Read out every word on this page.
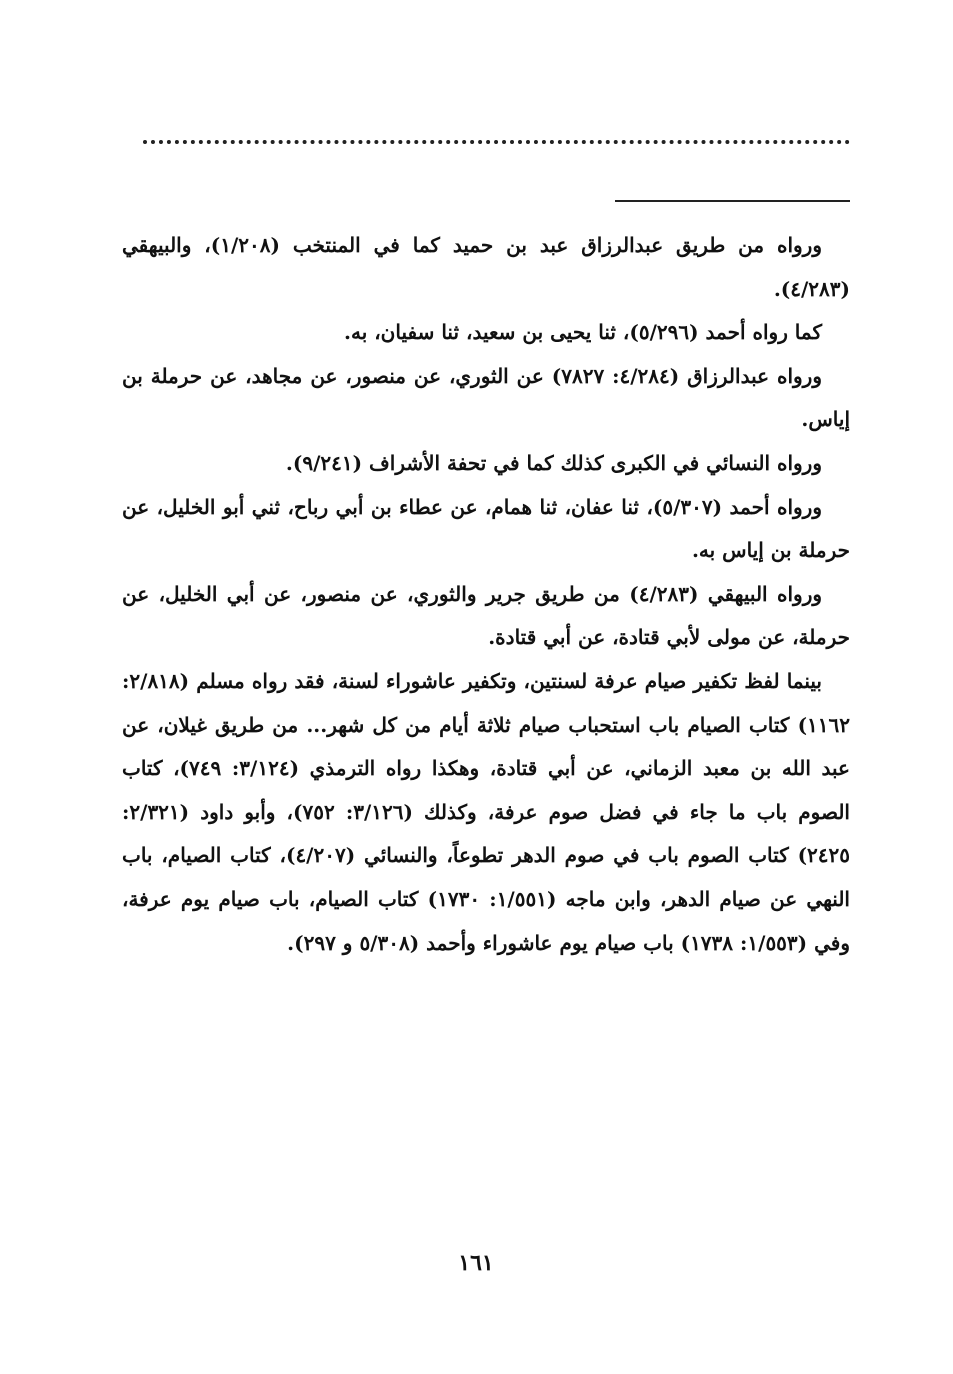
ورواه من طريق عبدالرزاق عبد بن حميد كما في المنتخب (١/٢٠٨)، والبيهقي (٤/٢٨٣).

كما رواه أحمد (٥/٢٩٦)، ثنا يحيى بن سعيد، ثنا سفيان، به.

ورواه عبدالرزاق (٤/٢٨٤: ٧٨٢٧) عن الثوري، عن منصور، عن مجاهد، عن حرملة بن إياس.

ورواه النسائي في الكبرى كذلك كما في تحفة الأشراف (٩/٢٤١).

ورواه أحمد (٥/٣٠٧)، ثنا عفان، ثنا همام، عن عطاء بن أبي رباح، ثني أبو الخليل، عن حرملة بن إياس به.

ورواه البيهقي (٤/٢٨٣) من طريق جرير والثوري، عن منصور، عن أبي الخليل، عن حرملة، عن مولى لأبي قتادة، عن أبي قتادة.

بينما لفظ تكفير صيام عرفة لسنتين، وتكفير عاشوراء لسنة، فقد رواه مسلم (٢/٨١٨: ١١٦٢) كتاب الصيام باب استحباب صيام ثلاثة أيام من كل شهر... من طريق غيلان، عن عبد الله بن معبد الزماني، عن أبي قتادة، وهكذا رواه الترمذي (٣/١٢٤: ٧٤٩)، كتاب الصوم باب ما جاء في فضل صوم عرفة، وكذلك (٣/١٢٦: ٧٥٢)، وأبو داود (٢/٣٢١: ٢٤٢٥) كتاب الصوم باب في صوم الدهر تطوعاً، والنسائي (٤/٢٠٧)، كتاب الصيام، باب النهي عن صيام الدهر، وابن ماجه (١/٥٥١: ١٧٣٠) كتاب الصيام، باب صيام يوم عرفة، وفي (١/٥٥٣: ١٧٣٨) باب صيام يوم عاشوراء وأحمد (٥/٣٠٨ و ٢٩٧).

١٦١
